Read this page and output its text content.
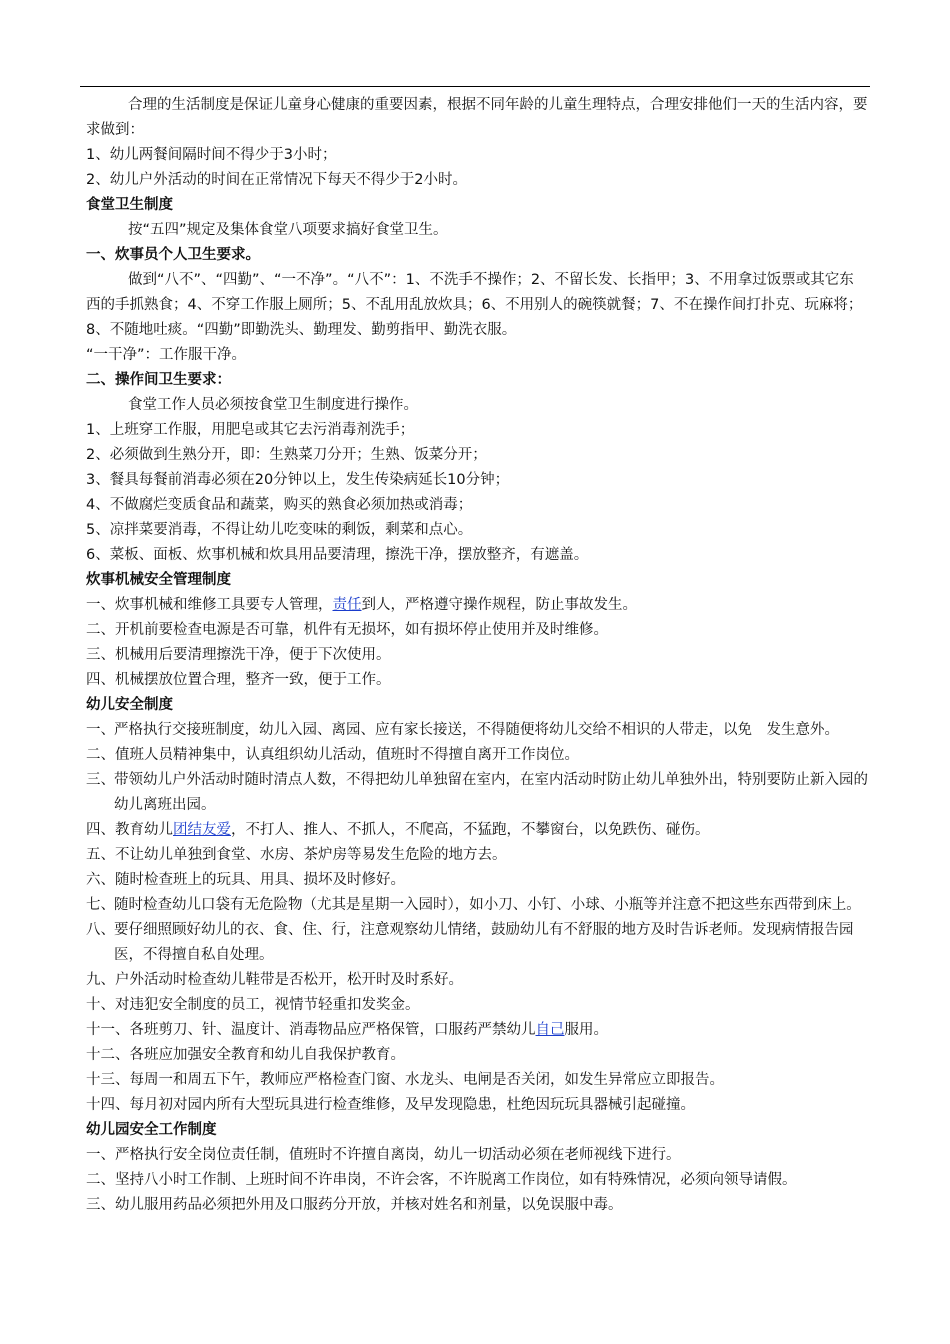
合理的生活制度是保证儿童身心健康的重要因素，根据不同年龄的儿童生理特点，合理安排他们一天的生活内容，要求做到：

1、幼儿两餐间隔时间不得少于3小时；

2、幼儿户外活动的时间在正常情况下每天不得少于2小时。

食堂卫生制度

按“五四”规定及集体食堂八项要求搞好食堂卫生。

一、炊事员个人卫生要求。

做到“八不”、“四勤”、“一不净”。“八不”：1、不洗手不操作；2、不留长发、长指甲；3、不用拿过饭票或其它东西的手抓熟食；4、不穿工作服上厕所；5、不乱用乱放炊具；6、不用别人的碗筷就餐；7、不在操作间打扑克、玩麻将；8、不随地吐痰。“四勤”即勤洗头、勤理发、勤剪指甲、勤洗衣服。

“一干净”：工作服干净。

二、操作间卫生要求：

食堂工作人员必须按食堂卫生制度进行操作。

1、上班穿工作服，用肥皂或其它去污消毒剂洗手；

2、必须做到生熟分开，即：生熟菜刀分开；生熟、饭菜分开；

3、餐具每餐前消毒必须在20分钟以上，发生传染病延长10分钟；

4、不做腐烂变质食品和蔬菜，购买的熟食必须加热或消毒；

5、凉拌菜要消毒，不得让幼儿吃变味的剩饭，剩菜和点心。

6、菜板、面板、炊事机械和炊具用品要清理，擦洗干净，摆放整齐，有遮盖。

炊事机械安全管理制度

一、炊事机械和维修工具要专人管理，责任到人，严格遵守操作规程，防止事故发生。

二、开机前要检查电源是否可靠，机件有无损坏，如有损坏停止使用并及时维修。

三、机械用后要清理擦洗干净，便于下次使用。

四、机械摆放位置合理，整齐一致，便于工作。

幼儿安全制度

一、严格执行交接班制度，幼儿入园、离园、应有家长接送，不得随便将幼儿交给不相识的人带走，以免　发生意外。

二、值班人员精神集中，认真组织幼儿活动，值班时不得擅自离开工作岗位。

三、带领幼儿户外活动时随时清点人数，不得把幼儿单独留在室内，在室内活动时防止幼儿单独外出，特别要防止新入园的幼儿离班出园。

四、教育幼儿团结友爱，不打人、推人、不抓人，不爬高，不猛跑，不攀窗台，以免跌伤、碰伤。

五、不让幼儿单独到食堂、水房、茶炉房等易发生危险的地方去。

六、随时检查班上的玩具、用具、损坏及时修好。

七、随时检查幼儿口袋有无危险物（尤其是星期一入园时），如小刀、小钉、小球、小瓶等并注意不把这些东西带到床上。

八、要仔细照顾好幼儿的衣、食、住、行，注意观察幼儿情绪，鼓励幼儿有不舒服的地方及时告诉老师。发现病情报告园医，不得擅自私自处理。

九、户外活动时检查幼儿鞋带是否松开，松开时及时系好。

十、对违犯安全制度的员工，视情节轻重扣发奖金。

十一、各班剪刀、针、温度计、消毒物品应严格保管，口服药严禁幼儿自己服用。

十二、各班应加强安全教育和幼儿自我保护教育。

十三、每周一和周五下午，教师应严格检查门窗、水龙头、电闸是否关闭，如发生异常应立即报告。

十四、每月初对园内所有大型玩具进行检查维修，及早发现隐患，杜绝因玩玩具器械引起碰撞。

幼儿园安全工作制度

一、严格执行安全岗位责任制，值班时不许擅自离岗，幼儿一切活动必须在老师视线下进行。

二、坚持八小时工作制、上班时间不许串岗，不许会客，不许脱离工作岗位，如有特殊情况，必须向领导请假。

三、幼儿服用药品必须把外用及口服药分开放，并核对姓名和剂量，以免误服中毒。
